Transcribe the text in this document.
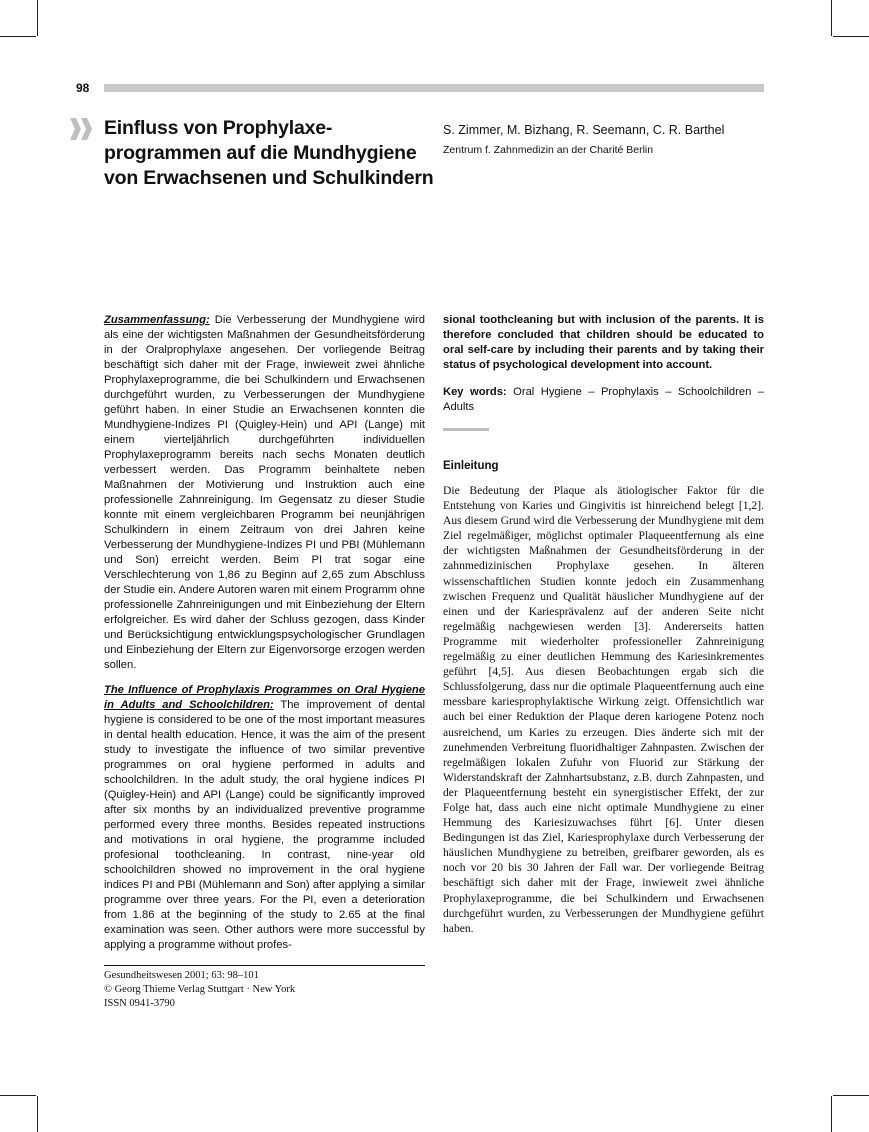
98
Einfluss von Prophylaxe-programmen auf die Mundhygiene von Erwachsenen und Schulkindern
S. Zimmer, M. Bizhang, R. Seemann, C. R. Barthel
Zentrum f. Zahnmedizin an der Charité Berlin

Zusammenfassung: Die Verbesserung der Mundhygiene wird als eine der wichtigsten Maßnahmen der Gesundheitsförderung in der Oralprophylaxe angesehen. Der vorliegende Beitrag beschäftigt sich daher mit der Frage, inwieweit zwei ähnliche Prophylaxeprogramme, die bei Schulkindern und Erwachsenen durchgeführt wurden, zu Verbesserungen der Mundhygiene geführt haben. In einer Studie an Erwachsenen konnten die Mundhygiene-Indizes PI (Quigley-Hein) und API (Lange) mit einem vierteljährlich durchgeführten individuellen Prophylaxeprogramm bereits nach sechs Monaten deutlich verbessert werden. Das Programm beinhaltete neben Maßnahmen der Motivierung und Instruktion auch eine professionelle Zahnreinigung. Im Gegensatz zu dieser Studie konnte mit einem vergleichbaren Programm bei neunjährigen Schulkindern in einem Zeitraum von drei Jahren keine Verbesserung der Mundhygiene-Indizes PI und PBI (Mühlemann und Son) erreicht werden. Beim PI trat sogar eine Verschlechterung von 1,86 zu Beginn auf 2,65 zum Abschluss der Studie ein. Andere Autoren waren mit einem Programm ohne professionelle Zahnreinigungen und mit Einbeziehung der Eltern erfolgreicher. Es wird daher der Schluss gezogen, dass Kinder und Berücksichtigung entwicklungspsychologischer Grundlagen und Einbeziehung der Eltern zur Eigenvorsorge erzogen werden sollen.

The Influence of Prophylaxis Programmes on Oral Hygiene in Adults and Schoolchildren: The improvement of dental hygiene is considered to be one of the most important measures in dental health education. Hence, it was the aim of the present study to investigate the influence of two similar preventive programmes on oral hygiene performed in adults and schoolchildren. In the adult study, the oral hygiene indices PI (Quigley-Hein) and API (Lange) could be significantly improved after six months by an individualized preventive programme performed every three months. Besides repeated instructions and motivations in oral hygiene, the programme included profesional toothcleaning. In contrast, nine-year old schoolchildren showed no improvement in the oral hygiene indices PI and PBI (Mühlemann and Son) after applying a similar programme over three years. For the PI, even a deterioration from 1.86 at the beginning of the study to 2.65 at the final examination was seen. Other authors were more successful by applying a programme without profes-

sional toothcleaning but with inclusion of the parents. It is therefore concluded that children should be educated to oral self-care by including their parents and by taking their status of psychological development into account.

Key words: Oral Hygiene – Prophylaxis – Schoolchildren – Adults

Einleitung

Die Bedeutung der Plaque als ätiologischer Faktor für die Entstehung von Karies und Gingivitis ist hinreichend belegt [1,2]. Aus diesem Grund wird die Verbesserung der Mundhygiene mit dem Ziel regelmäßiger, möglichst optimaler Plaqueentfernung als eine der wichtigsten Maßnahmen der Gesundheitsförderung in der zahnmedizinischen Prophylaxe gesehen. In älteren wissenschaftlichen Studien konnte jedoch ein Zusammenhang zwischen Frequenz und Qualität häuslicher Mundhygiene auf der einen und der Kariesprävalenz auf der anderen Seite nicht regelmäßig nachgewiesen werden [3]. Andererseits hatten Programme mit wiederholter professioneller Zahnreinigung regelmäßig zu einer deutlichen Hemmung des Kariesinkrementes geführt [4,5]. Aus diesen Beobachtungen ergab sich die Schlussfolgerung, dass nur die optimale Plaqueentfernung auch eine messbare kariesprophylaktische Wirkung zeigt. Offensichtlich war auch bei einer Reduktion der Plaque deren kariogene Potenz noch ausreichend, um Karies zu erzeugen. Dies änderte sich mit der zunehmenden Verbreitung fluoridhaltiger Zahnpasten. Zwischen der regelmäßigen lokalen Zufuhr von Fluorid zur Stärkung der Widerstandskraft der Zahnhartsubstanz, z.B. durch Zahnpasten, und der Plaqueentfernung besteht ein synergistischer Effekt, der zur Folge hat, dass auch eine nicht optimale Mundhygiene zu einer Hemmung des Kariesizuwachses führt [6]. Unter diesen Bedingungen ist das Ziel, Kariesprophylaxe durch Verbesserung der häuslichen Mundhygiene zu betreiben, greifbarer geworden, als es noch vor 20 bis 30 Jahren der Fall war. Der vorliegende Beitrag beschäftigt sich daher mit der Frage, inwieweit zwei ähnliche Prophylaxeprogramme, die bei Schulkindern und Erwachsenen durchgeführt wurden, zu Verbesserungen der Mundhygiene geführt haben.

Gesundheitswesen 2001; 63: 98–101
© Georg Thieme Verlag Stuttgart · New York
ISSN 0941-3790
